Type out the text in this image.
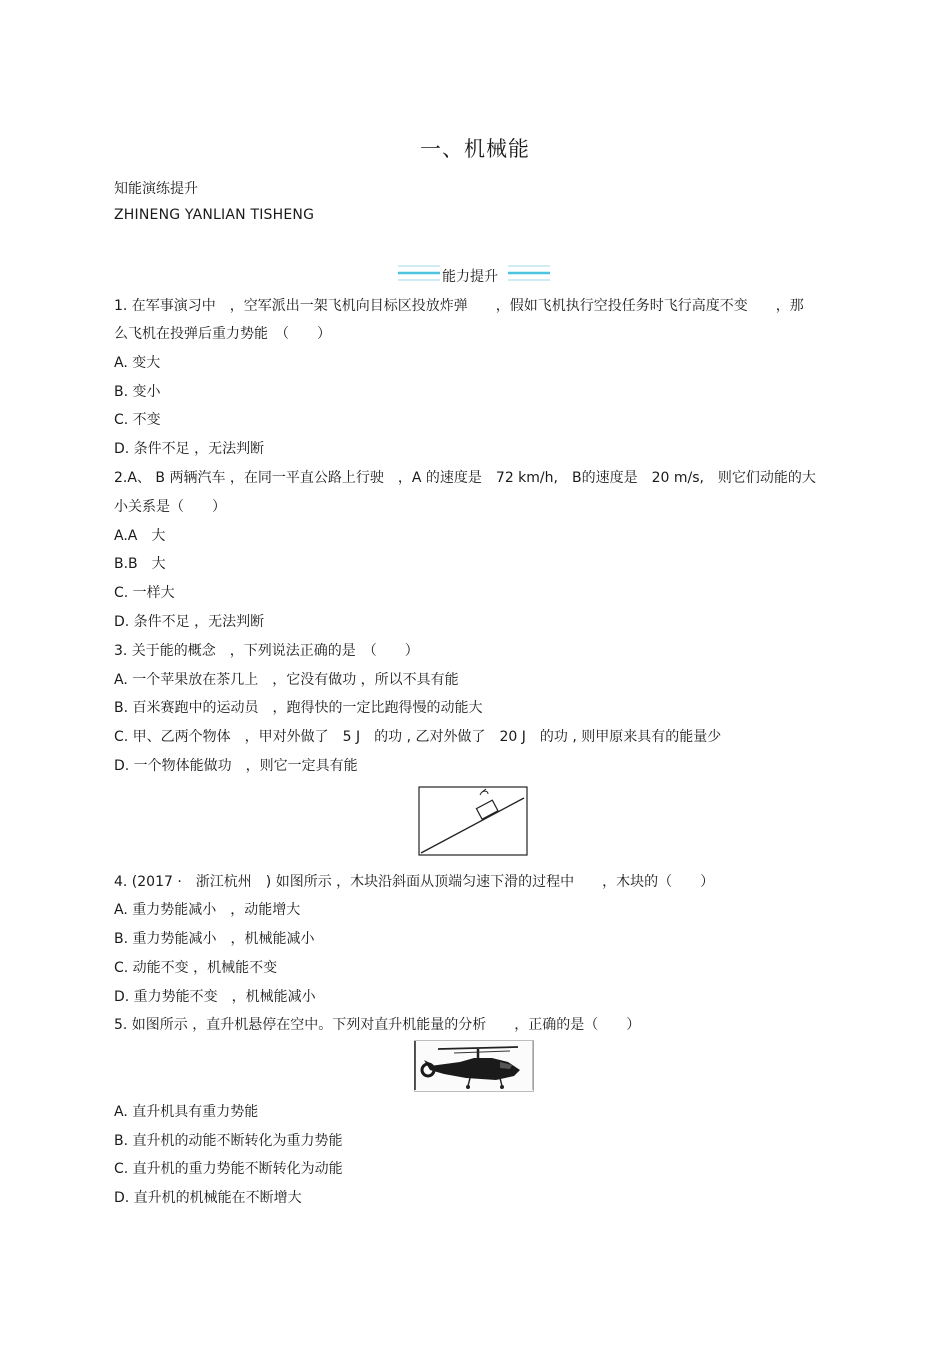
一、机械能
知能演练提升
ZHINENG YANLIAN TISHENG
能力提升
1. 在军事演习中　，空军派出一架飞机向目标区投放炸弹　　，假如飞机执行空投任务时飞行高度不变　　，那
么飞机在投弹后重力势能　（　　）
A. 变大
B. 变小
C. 不变
D. 条件不足 ，无法判断
2.A、 B 两辆汽车 ，在同一平直公路上行驶　，A 的速度是　72 km/h,　B的速度是　20 m/s,　则它们动能的大
小关系是（　　）
A.A　大
B.B　大
C. 一样大
D. 条件不足 ，无法判断
3. 关于能的概念　，下列说法正确的是　（　　）
A. 一个苹果放在茶几上　，它没有做功 ，所以不具有能
B. 百米赛跑中的运动员　，跑得快的一定比跑得慢的动能大
C. 甲、乙两个物体　，甲对外做了　5 J　的功 , 乙对外做了　20 J　的功 , 则甲原来具有的能量少
D. 一个物体能做功　，则它一定具有能
4. (2017 ·　浙江杭州　) 如图所示 ，木块沿斜面从顶端匀速下滑的过程中　　，木块的（　　）
A. 重力势能减小　，动能增大
B. 重力势能减小　，机械能减小
C. 动能不变 ，机械能不变
D. 重力势能不变　，机械能减小
5. 如图所示 ，直升机悬停在空中。下列对直升机能量的分析　　，正确的是（　　）
A. 直升机具有重力势能
B. 直升机的动能不断转化为重力势能
C. 直升机的重力势能不断转化为动能
D. 直升机的机械能在不断增大
